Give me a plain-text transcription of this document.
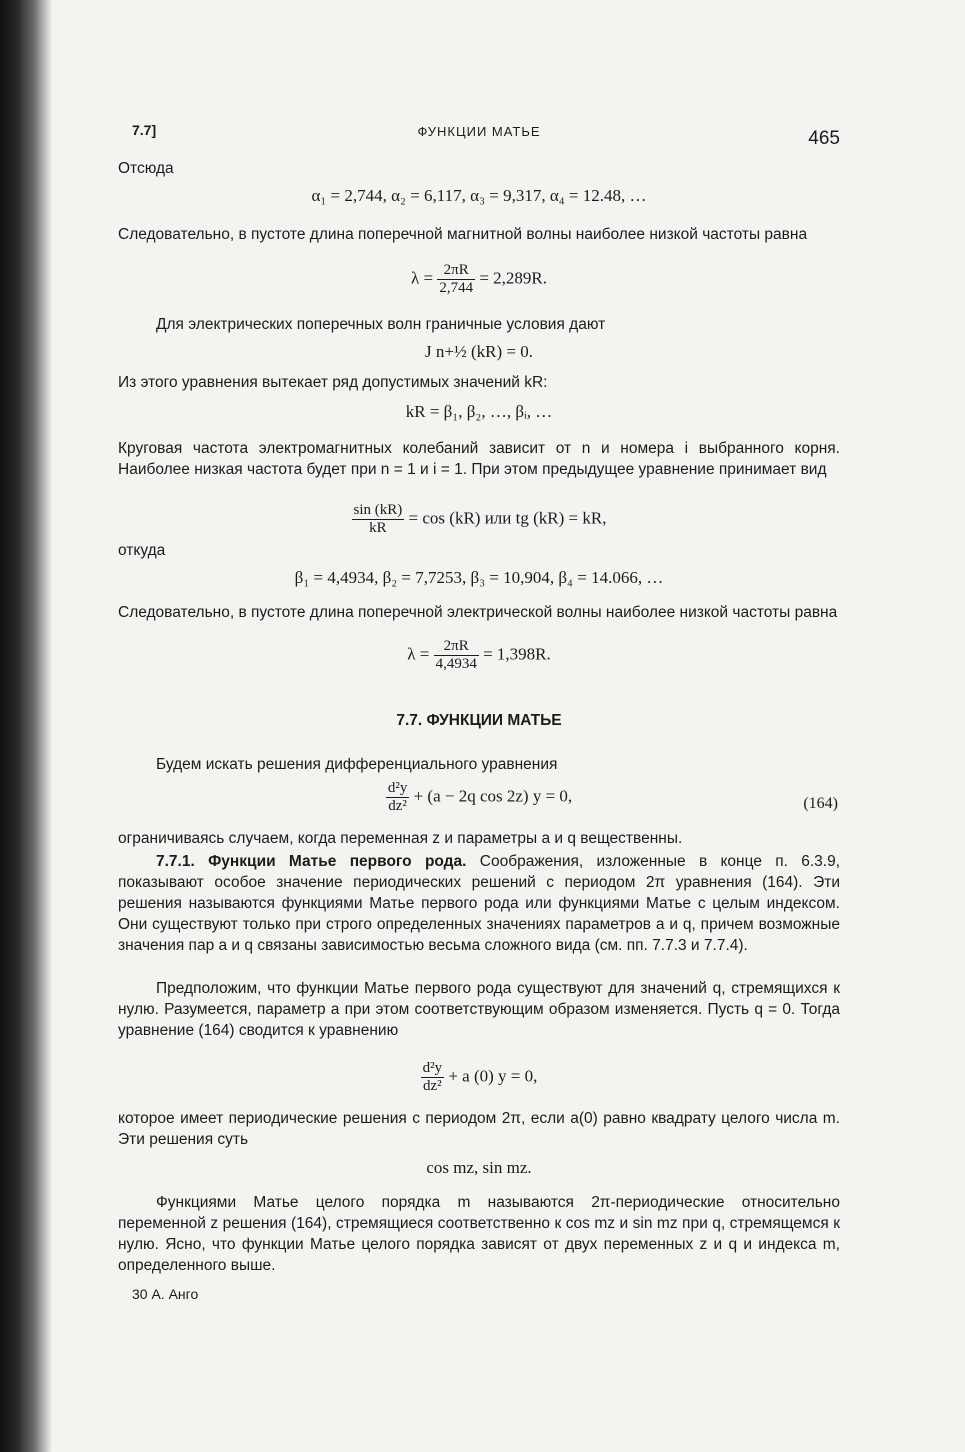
7.7]	ФУНКЦИИ МАТЬЕ	465

Отсюда

α₁ = 2,744, α₂ = 6,117, α₃ = 9,317, α₄ = 12.48, …

Следовательно, в пустоте длина поперечной магнитной волны наиболее низкой частоты равна

$\lambda = \frac{2\pi R}{2,744} = 2,289R$.

Для электрических поперечных волн граничные условия дают

J n+½ (kR) = 0.

Из этого уравнения вытекает ряд допустимых значений kR:

kR = β₁, β₂, …, βᵢ, …

Круговая частота электромагнитных колебаний зависит от n и номера i выбранного корня. Наиболее низкая частота будет при n = 1 и i = 1. При этом предыдущее уравнение принимает вид

$\frac{\sin (kR)}{kR} = \cos (kR)$ или tg (kR) = kR,

откуда

β₁ = 4,4934, β₂ = 7,7253, β₃ = 10,904, β₄ = 14.066, …

Следовательно, в пустоте длина поперечной электрической волны наиболее низкой частоты равна

$\lambda = \frac{2\pi R}{4,4934} = 1,398R$.
7.7. ФУНКЦИИ МАТЬЕ

Будем искать решения дифференциального уравнения

$\frac{\text{d²y}}{\text{dz²}} + (a - 2q$ cos 2z) y = 0,	(164)

ограничиваясь случаем, когда переменная z и параметры a и q вещественны.

7.7.1. Функции Матье первого рода. Соображения, изложенные в конце п. 6.3.9, показывают особое значение периодических решений с периодом 2π уравнения (164). Эти решения называются функциями Матье первого рода или функциями Матье с целым индексом. Они существуют только при строго определенных значениях параметров a и q, причем возможные значения пар a и q связаны зависимостью весьма сложного вида (см. пп. 7.7.3 и 7.7.4).

Предположим, что функции Матье первого рода существуют для значений q, стремящихся к нулю. Разумеется, параметр a при этом соответствующим образом изменяется. Пусть q = 0. Тогда уравнение (164) сводится к уравнению

$\frac{\text{d²y}}{\text{dz²}} + a$ (0) y = 0,

которое имеет периодические решения с периодом 2π, если a(0) равно квадрату целого числа m. Эти решения суть

cos mz, sin mz.

Функциями Матье целого порядка m называются 2π-периодические относительно переменной z решения (164), стремящиеся соответственно к cos mz и sin mz при q, стремящемся к нулю. Ясно, что функции Матье целого порядка зависят от двух переменных z и q и индекса m, определенного выше.

30 А. Анго
